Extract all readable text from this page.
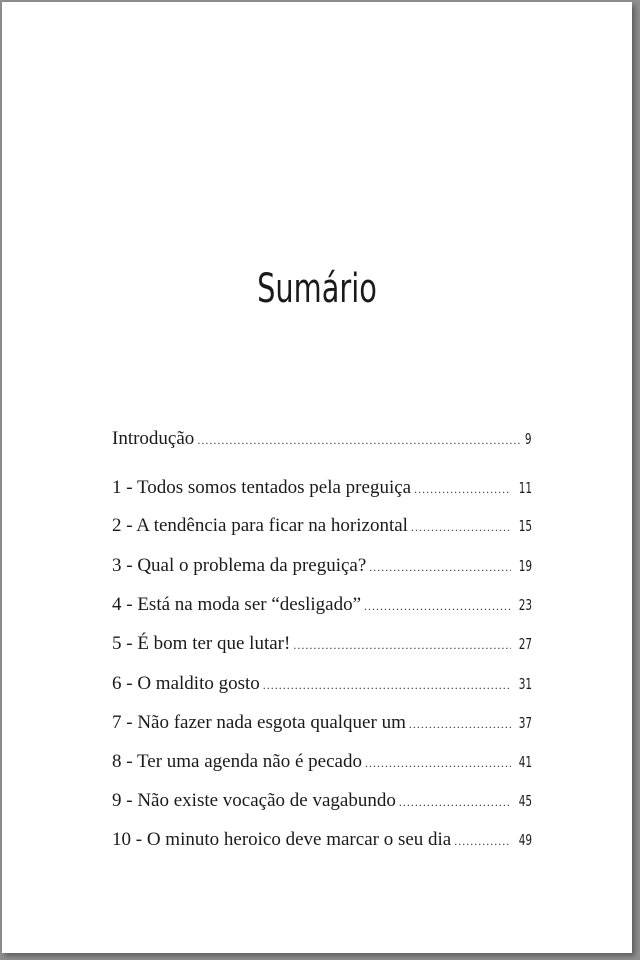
Sumário
Introdução .....	9
1 - Todos somos tentados pela preguiça .....	11
2 - A tendência para ficar na horizontal .....	15
3 - Qual o problema da preguiça? .....	19
4 - Está na moda ser “desligado” .....	23
5 - É bom ter que lutar! .....	27
6 - O maldito gosto .....	31
7 - Não fazer nada esgota qualquer um .....	37
8 - Ter uma agenda não é pecado .....	41
9 - Não existe vocação de vagabundo .....	45
10 - O minuto heroico deve marcar o seu dia .....	49
